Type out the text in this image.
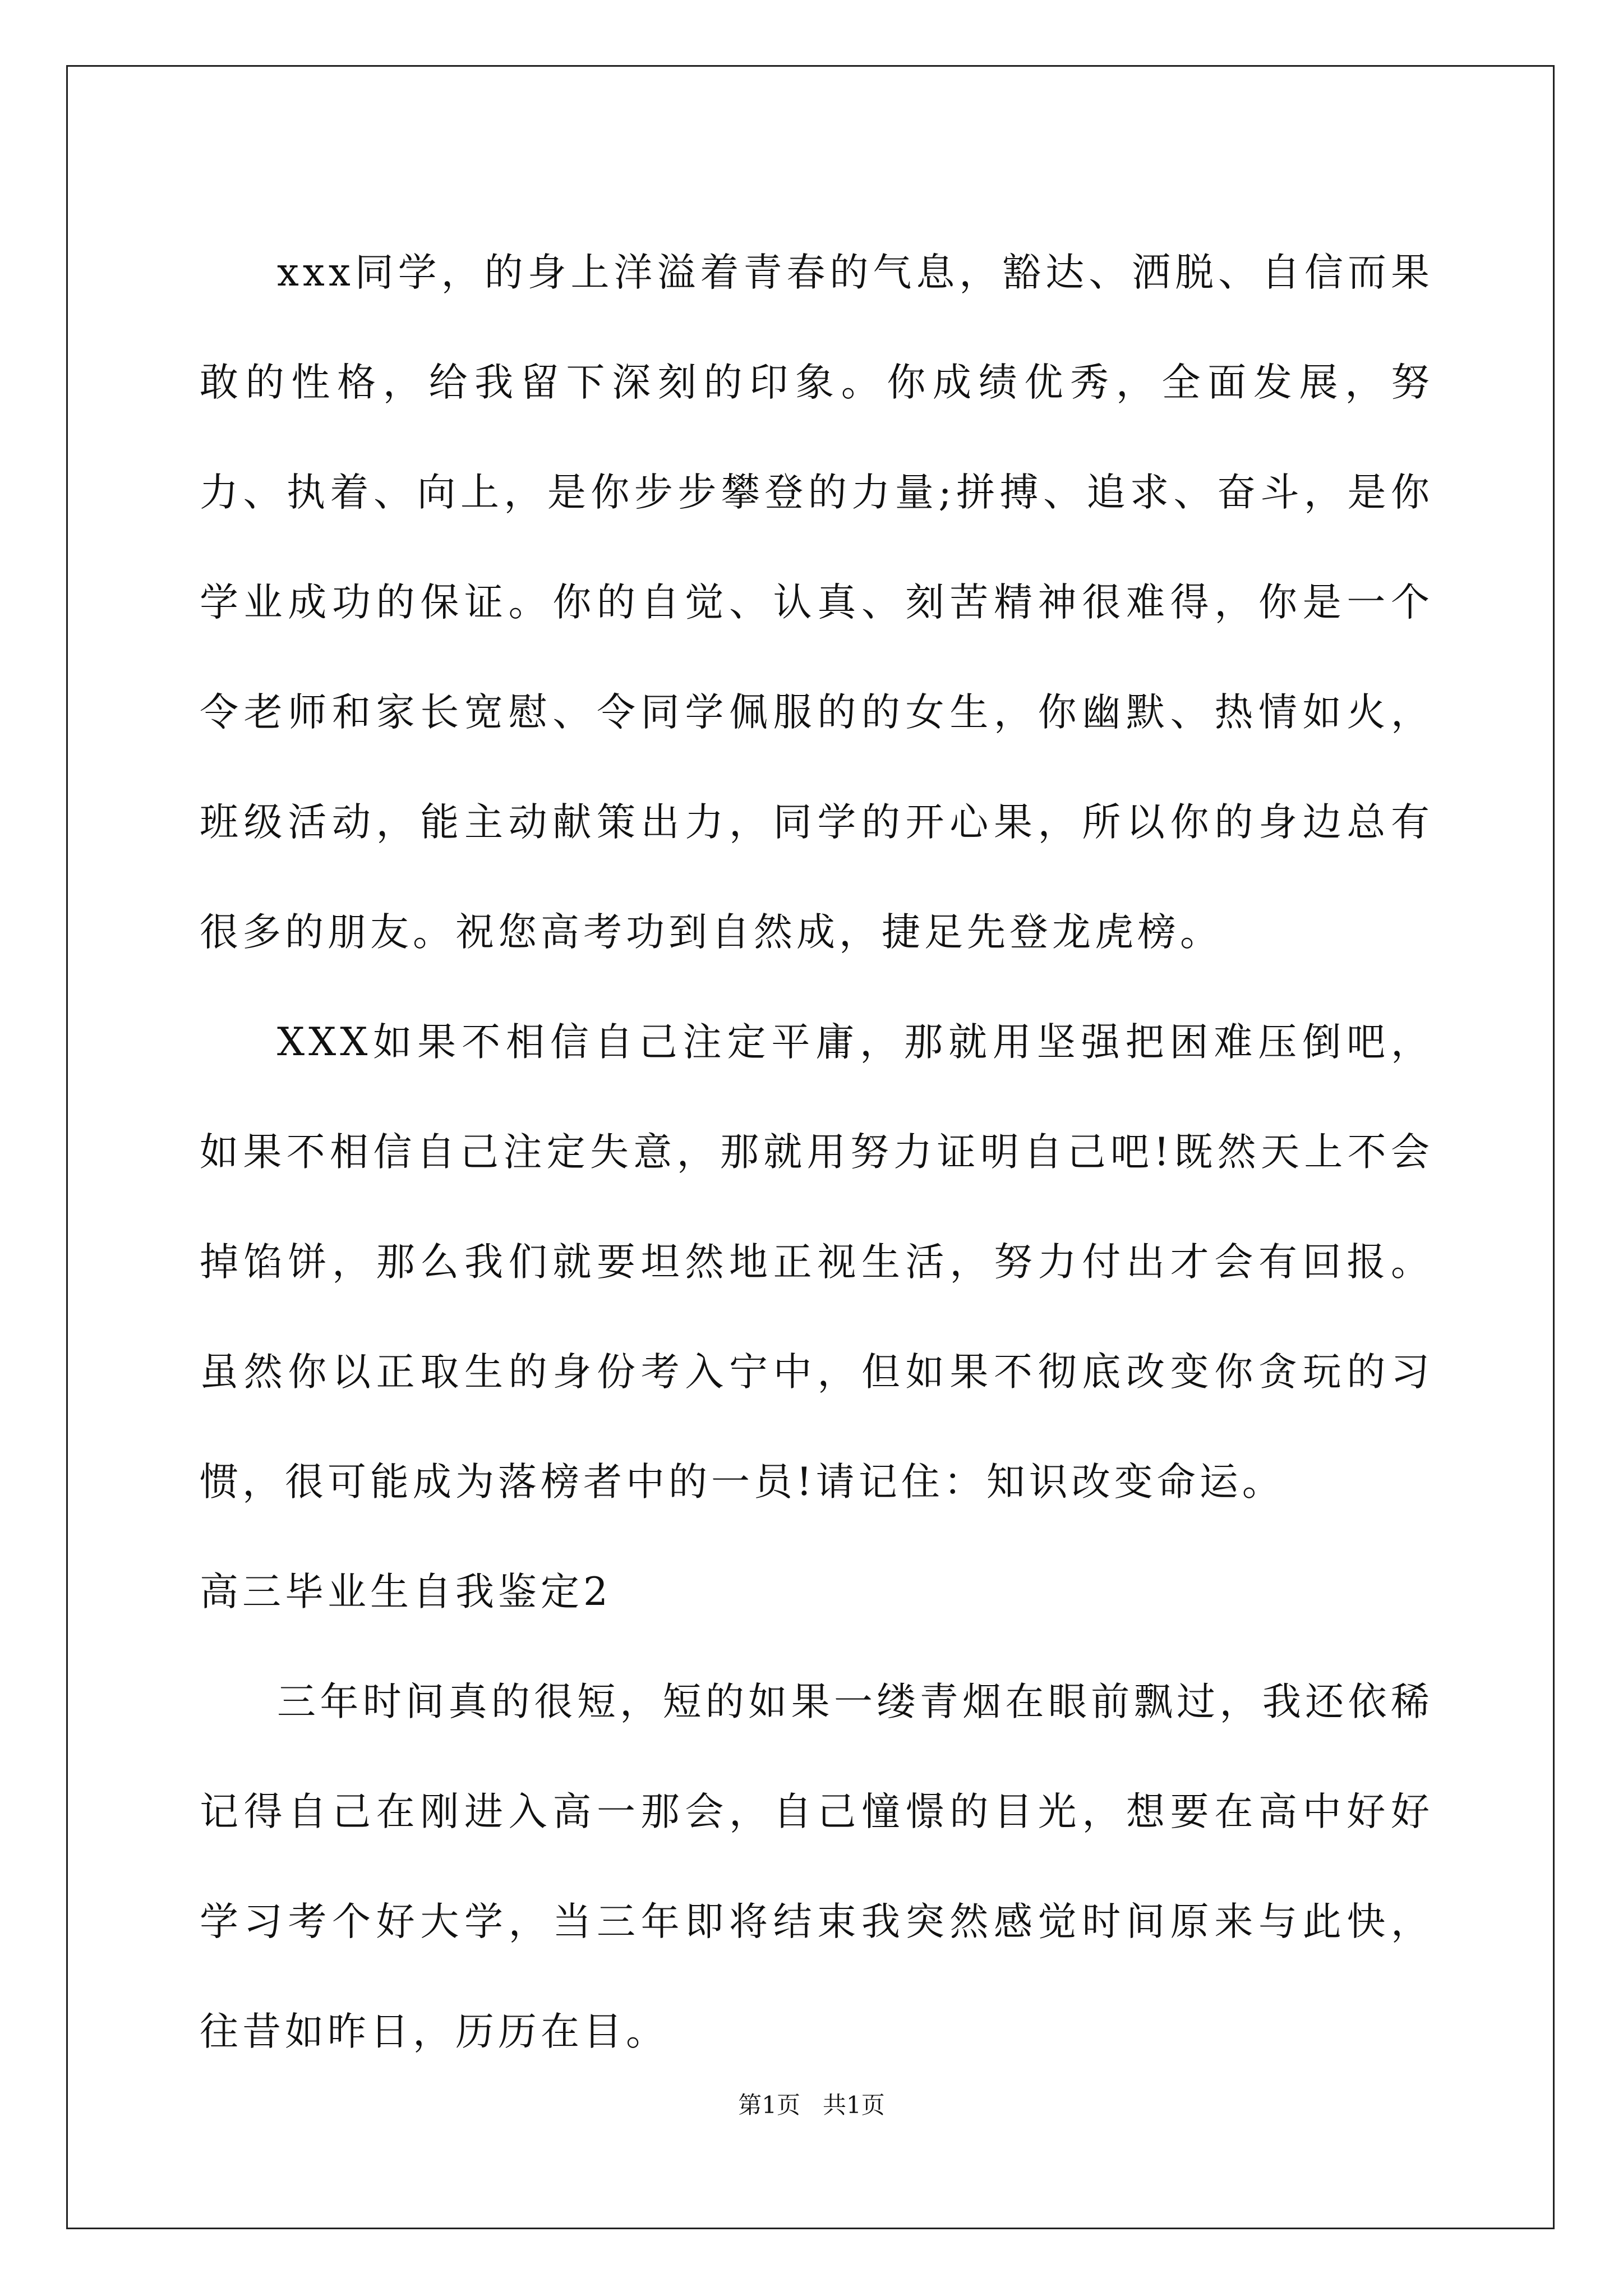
xxx同学，的身上洋溢着青春的气息，豁达、洒脱、自信而果敢的性格，给我留下深刻的印象。你成绩优秀，全面发展，努力、执着、向上，是你步步攀登的力量;拼搏、追求、奋斗，是你学业成功的保证。你的自觉、认真、刻苦精神很难得，你是一个令老师和家长宽慰、令同学佩服的的女生，你幽默、热情如火，班级活动，能主动献策出力，同学的开心果，所以你的身边总有很多的朋友。祝您高考功到自然成，捷足先登龙虎榜。

XXX如果不相信自己注定平庸，那就用坚强把困难压倒吧，如果不相信自己注定失意，那就用努力证明自己吧!既然天上不会掉馅饼，那么我们就要坦然地正视生活，努力付出才会有回报。虽然你以正取生的身份考入宁中，但如果不彻底改变你贪玩的习惯，很可能成为落榜者中的一员!请记住：知识改变命运。

高三毕业生自我鉴定2

三年时间真的很短，短的如果一缕青烟在眼前飘过，我还依稀记得自己在刚进入高一那会，自己憧憬的目光，想要在高中好好学习考个好大学，当三年即将结束我突然感觉时间原来与此快，往昔如昨日，历历在目。

第1页   共1页
